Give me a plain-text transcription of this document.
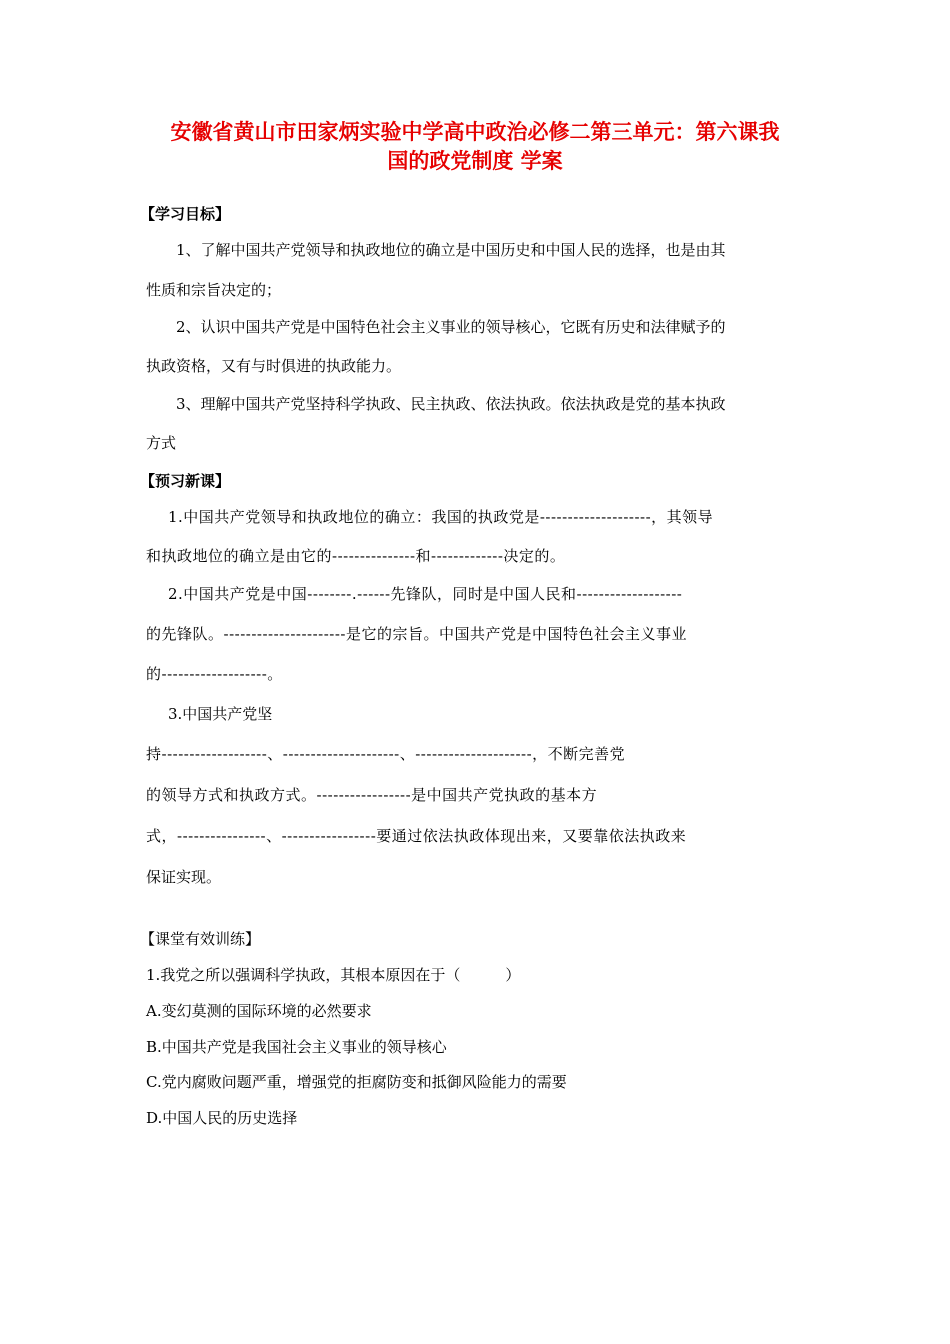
安徽省黄山市田家炳实验中学高中政治必修二第三单元：第六课我
国的政党制度 学案
【学习目标】
1、了解中国共产党领导和执政地位的确立是中国历史和中国人民的选择，也是由其
性质和宗旨决定的；
2、认识中国共产党是中国特色社会主义事业的领导核心，它既有历史和法律赋予的
执政资格，又有与时俱进的执政能力。
3、理解中国共产党坚持科学执政、民主执政、依法执政。依法执政是党的基本执政
方式
【预习新课】
1.中国共产党领导和执政地位的确立：我国的执政党是--------------------，其领导
和执政地位的确立是由它的---------------和-------------决定的。
2.中国共产党是中国--------.------先锋队，同时是中国人民和-------------------
的先锋队。----------------------是它的宗旨。中国共产党是中国特色社会主义事业
的-------------------。
3.中国共产党坚
持-------------------、---------------------、---------------------，不断完善党
的领导方式和执政方式。-----------------是中国共产党执政的基本方
式，----------------、-----------------要通过依法执政体现出来，又要靠依法执政来
保证实现。
【课堂有效训练】
1.我党之所以强调科学执政，其根本原因在于（　　　）
A.变幻莫测的国际环境的必然要求
B.中国共产党是我国社会主义事业的领导核心
C.党内腐败问题严重，增强党的拒腐防变和抵御风险能力的需要
D.中国人民的历史选择
